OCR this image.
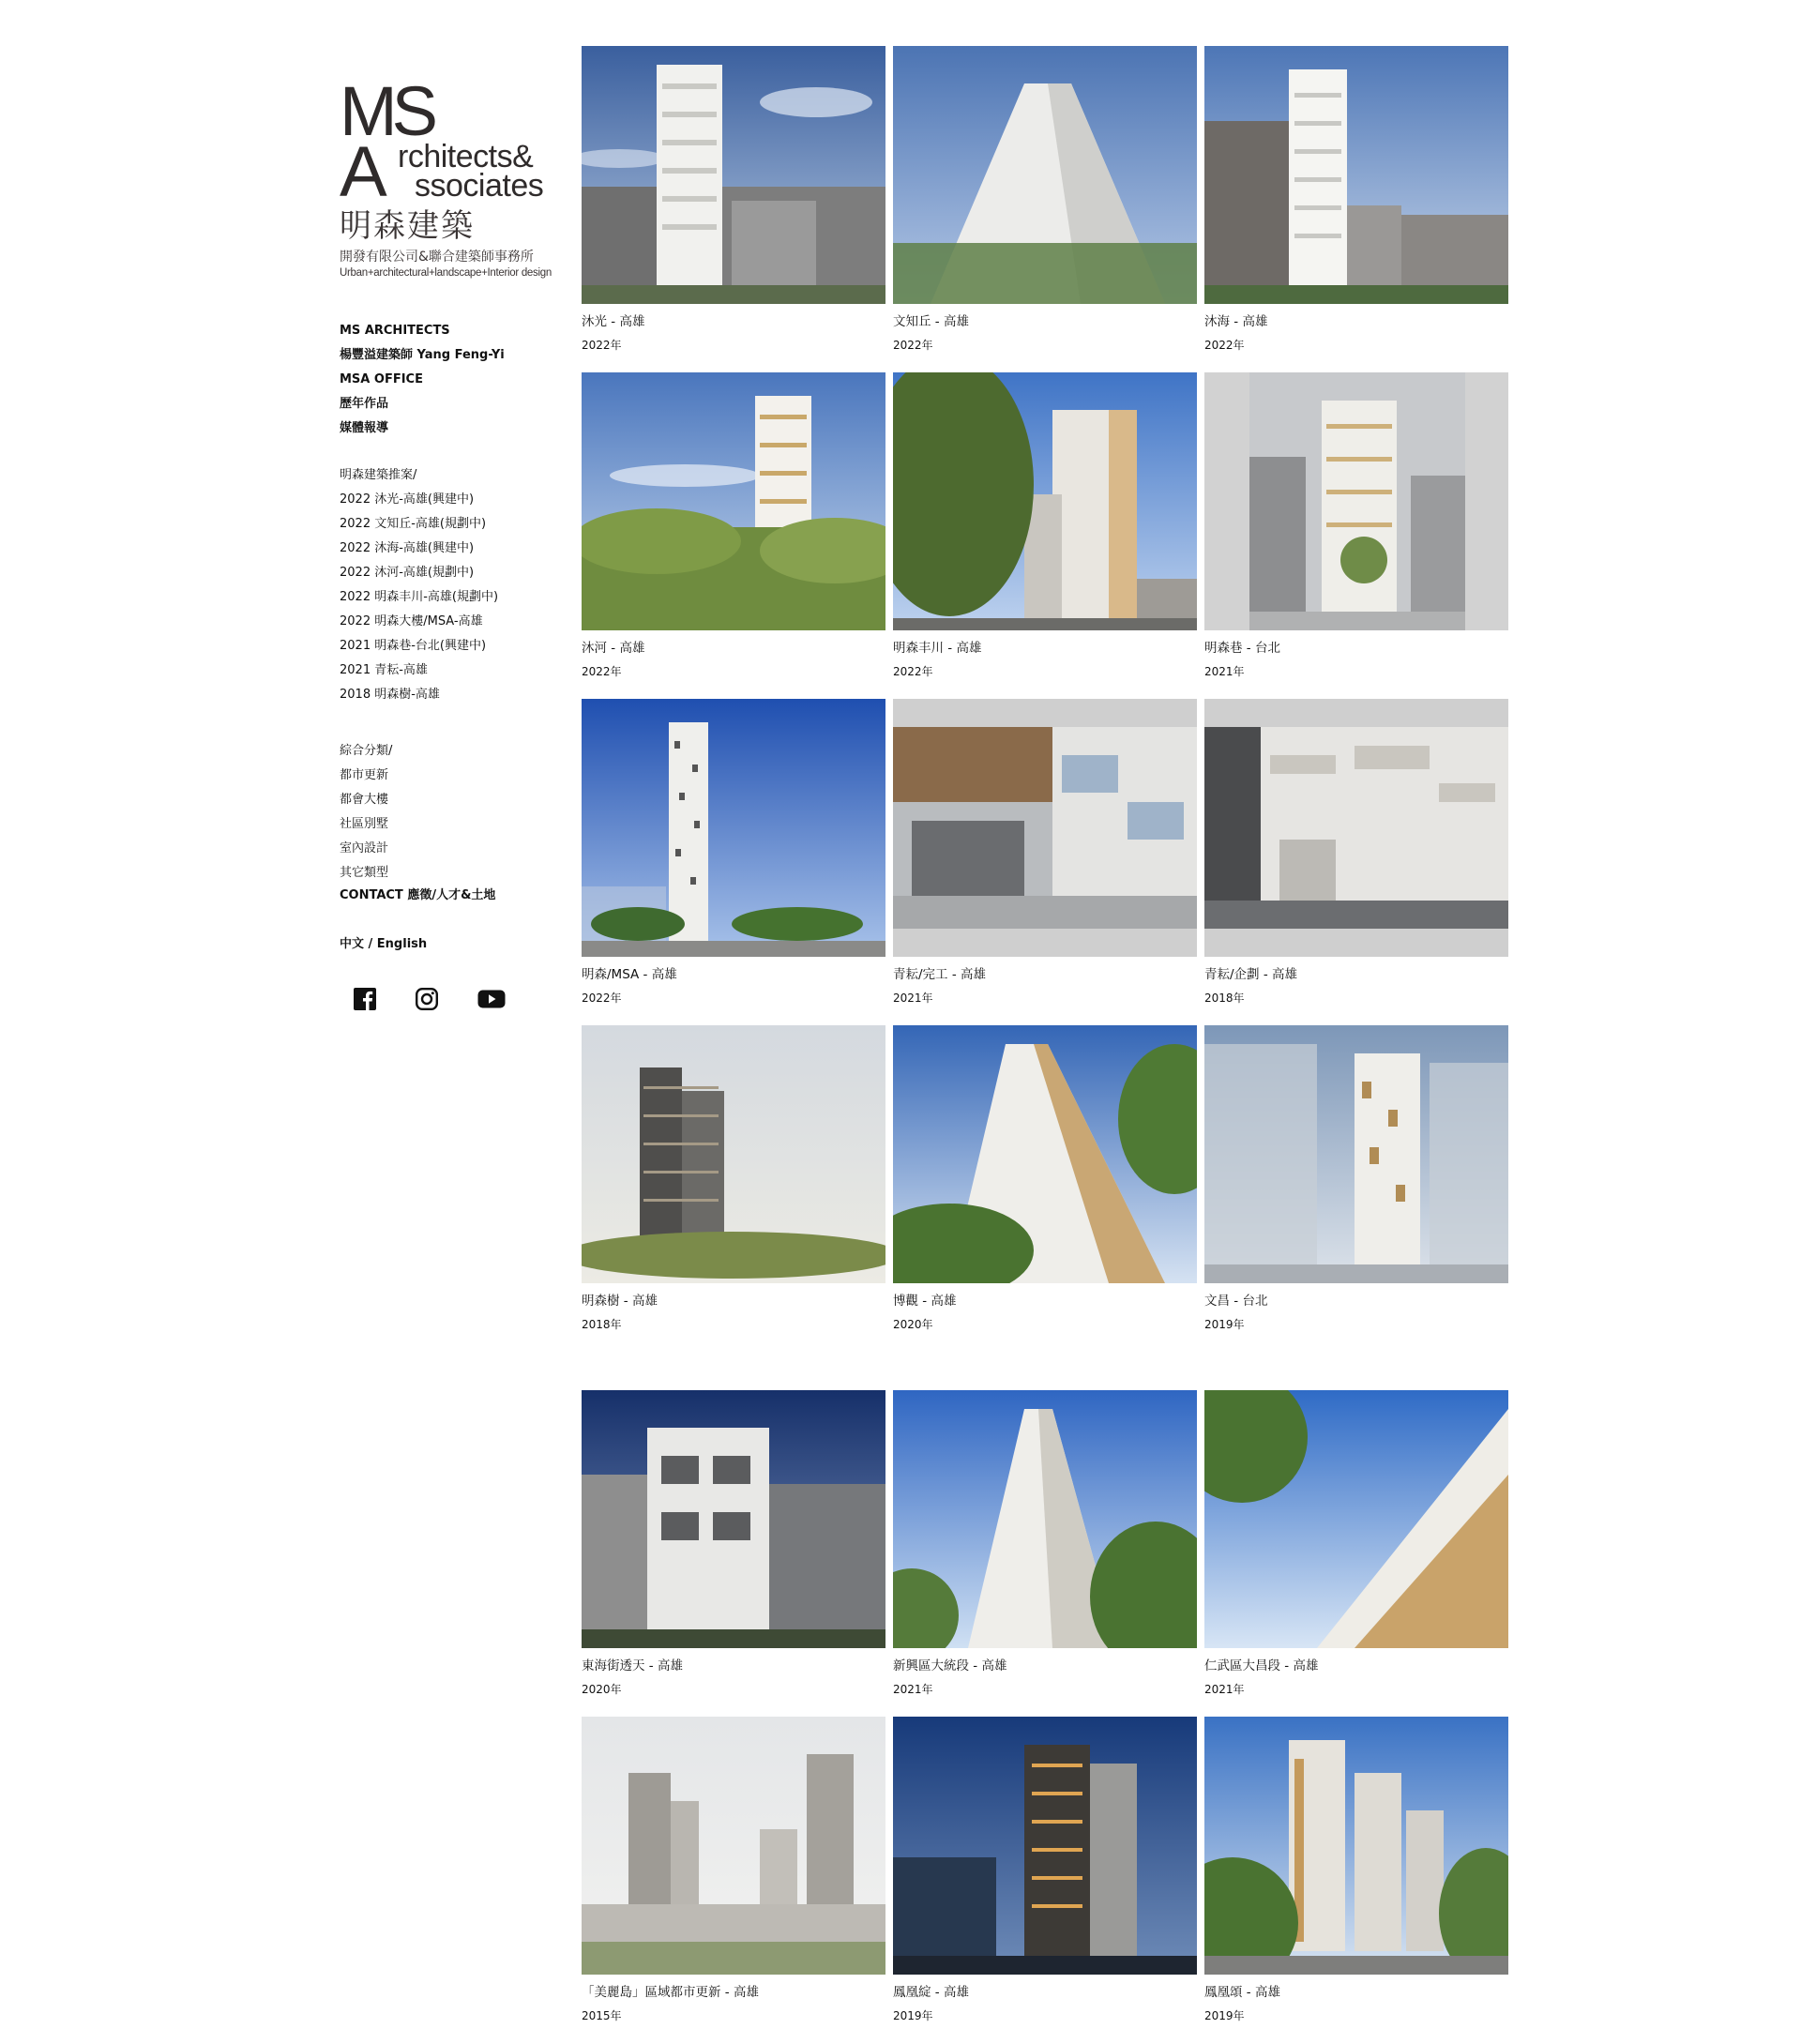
MS
A rchitects&
ssociates
明森建築
開發有限公司&聯合建築師事務所
Urban+architectural+landscape+Interior design
MS ARCHITECTS
楊豐溢建築師 Yang Feng-Yi
MSA OFFICE
歷年作品
媒體報導
明森建築推案/
2022 沐光-高雄(興建中)
2022 文知丘-高雄(規劃中)
2022 沐海-高雄(興建中)
2022 沐河-高雄(規劃中)
2022 明森丰川-高雄(規劃中)
2022 明森大樓/MSA-高雄
2021 明森巷-台北(興建中)
2021 青耘-高雄
2018 明森樹-高雄
綜合分類/
都市更新
都會大樓
社區別墅
室內設計
其它類型
CONTACT 應徵/人才&土地
中文 / English
沐光 - 高雄
2022年
文知丘 - 高雄
2022年
沐海 - 高雄
2022年
沐河 - 高雄
2022年
明森丰川 - 高雄
2022年
明森巷 - 台北
2021年
明森/MSA - 高雄
2022年
青耘/完工 - 高雄
2021年
青耘/企劃 - 高雄
2018年
明森樹 - 高雄
2018年
博觀 - 高雄
2020年
文昌 - 台北
2019年
東海街透天 - 高雄
2020年
新興區大統段 - 高雄
2021年
仁武區大昌段 - 高雄
2021年
「美麗島」區域都市更新 - 高雄
2015年
鳳凰綻 - 高雄
2019年
鳳凰頌 - 高雄
2019年
